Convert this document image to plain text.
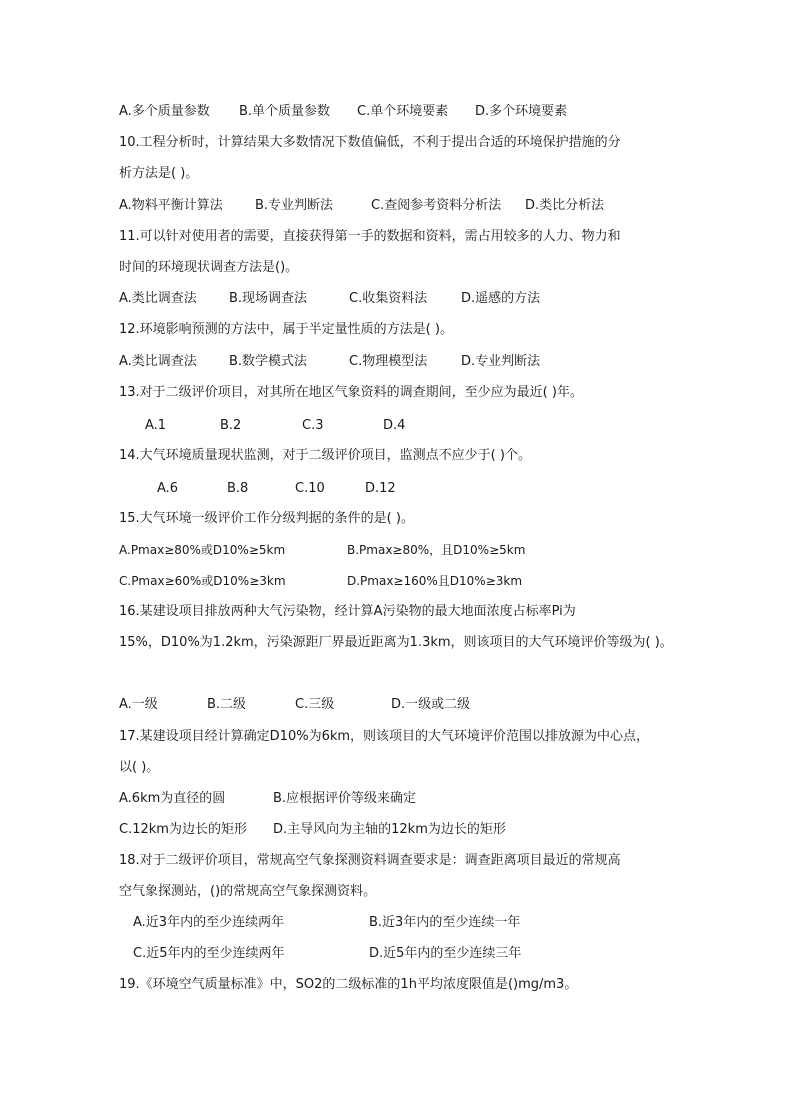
A.多个质量参数 B.单个质量参数 C.单个环境要素 D.多个环境要素
10.工程分析时，计算结果大多数情况下数值偏低，不利于提出合适的环境保护措施的分
析方法是( )。
A.物料平衡计算法 B.专业判断法	C.查阅参考资料分析法 D.类比分析法
11.可以针对使用者的需要，直接获得第一手的数据和资料，需占用较多的人力、物力和
时间的环境现状调查方法是()。
A.类比调查法 B.现场调查法	C.收集资料法	D.遥感的方法
12.环境影响预测的方法中，属于半定量性质的方法是( )。
A.类比调查法 B.数学模式法	C.物理模型法	D.专业判断法
13.对于二级评价项目，对其所在地区气象资料的调查期间，至少应为最近( )年。
A.1	B.2	C.3	D.4
14.大气环境质量现状监测，对于二级评价项目，监测点不应少于( )个。
A.6	B.8	C.10	D.12
15.大气环境一级评价工作分级判据的条件的是( )。
A.Pmax≥80%或D10%≥5km	B.Pmax≥80%，且D10%≥5km
C.Pmax≥60%或D10%≥3km	D.Pmax≥160%且D10%≥3km
16.某建设项目排放两种大气污染物，经计算A污染物的最大地面浓度占标率Pi为
15%，D10%为1.2km，污染源距厂界最近距离为1.3km，则该项目的大气环境评价等级为( )。
A.一级	B.二级	C.三级	D.一级或二级
17.某建设项目经计算确定D10%为6km，则该项目的大气环境评价范围以排放源为中心点，
以( )。
A.6km为直径的圆	B.应根据评价等级来确定
C.12km为边长的矩形 D.主导风向为主轴的12km为边长的矩形
18.对于二级评价项目，常规高空气象探测资料调查要求是：调查距离项目最近的常规高
空气象探测站，()的常规高空气象探测资料。
A.近3年内的至少连续两年	B.近3年内的至少连续一年
C.近5年内的至少连续两年	D.近5年内的至少连续三年
19.《环境空气质量标准》中，SO2的二级标准的1h平均浓度限值是()mg/m3。
